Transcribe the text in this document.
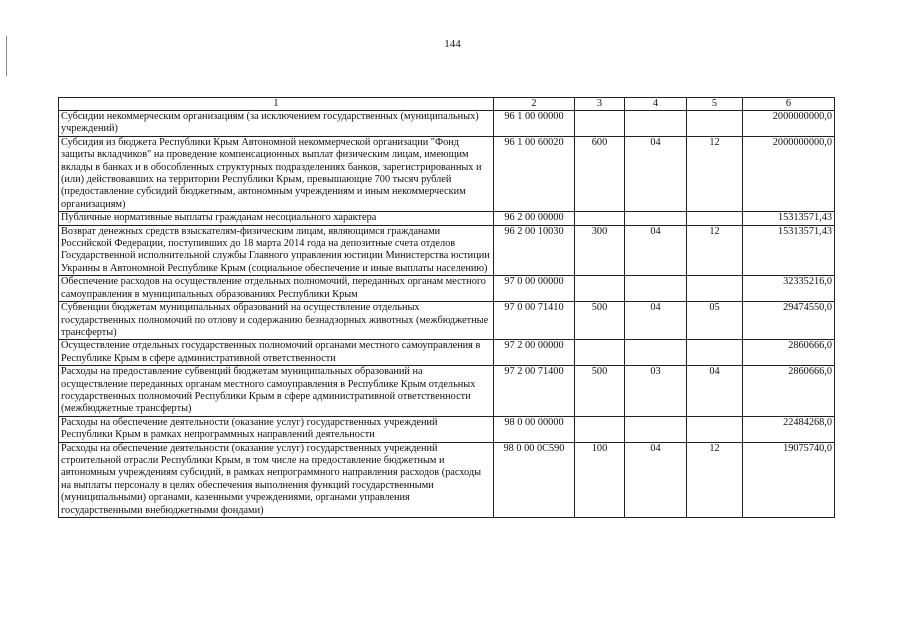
144
1	2	3	4	5	6
Субсидии некоммерческим организациям (за исключением государственных (муниципальных) учреждений)	96 1 00 00000				2000000000,0
Субсидия из бюджета Республики Крым Автономной некоммерческой организации "Фонд защиты вкладчиков" на проведение компенсационных выплат физическим лицам, имеющим вклады в банках и в обособленных структурных подразделениях банков, зарегистрированных и (или) действовавших на территории Республики Крым, превышающие 700 тысяч рублей (предоставление субсидий бюджетным, автономным учреждениям и иным некоммерческим организациям)	96 1 00 60020	600	04	12	2000000000,0
Публичные нормативные выплаты гражданам несоциального характера	96 2 00 00000				15313571,43
Возврат денежных средств взыскателям-физическим лицам, являющимся гражданами Российской Федерации, поступивших до 18 марта 2014 года на депозитные счета отделов Государственной исполнительной службы Главного управления юстиции Министерства юстиции Украины в Автономной Республике Крым (социальное обеспечение и иные выплаты населению)	96 2 00 10030	300	04	12	15313571,43
Обеспечение расходов на осуществление отдельных полномочий, переданных органам местного самоуправления в муниципальных образованиях Республики Крым	97 0 00 00000				32335216,0
Субвенции бюджетам муниципальных образований на осуществление отдельных государственных полномочий по отлову и содержанию безнадзорных животных (межбюджетные трансферты)	97 0 00 71410	500	04	05	29474550,0
Осуществление отдельных государственных полномочий органами местного самоуправления в Республике Крым в сфере административной ответственности	97 2 00 00000				2860666,0
Расходы на предоставление субвенций бюджетам муниципальных образований на осуществление переданных органам местного самоуправления в Республике Крым отдельных государственных полномочий Республики Крым в сфере административной ответственности (межбюджетные трансферты)	97 2 00 71400	500	03	04	2860666,0
Расходы на обеспечение деятельности (оказание услуг) государственных учреждений Республики Крым в рамках непрограммных направлений деятельности	98 0 00 00000				22484268,0
Расходы на обеспечение деятельности (оказание услуг) государственных учреждений строительной отрасли Республики Крым, в том числе на предоставление бюджетным и автономным учреждениям субсидий, в рамках непрограммного направления расходов (расходы на выплаты персоналу в целях обеспечения выполнения функций государственными (муниципальными) органами, казенными учреждениями, органами управления государственными внебюджетными фондами)	98 0 00 0С590	100	04	12	19075740,0
